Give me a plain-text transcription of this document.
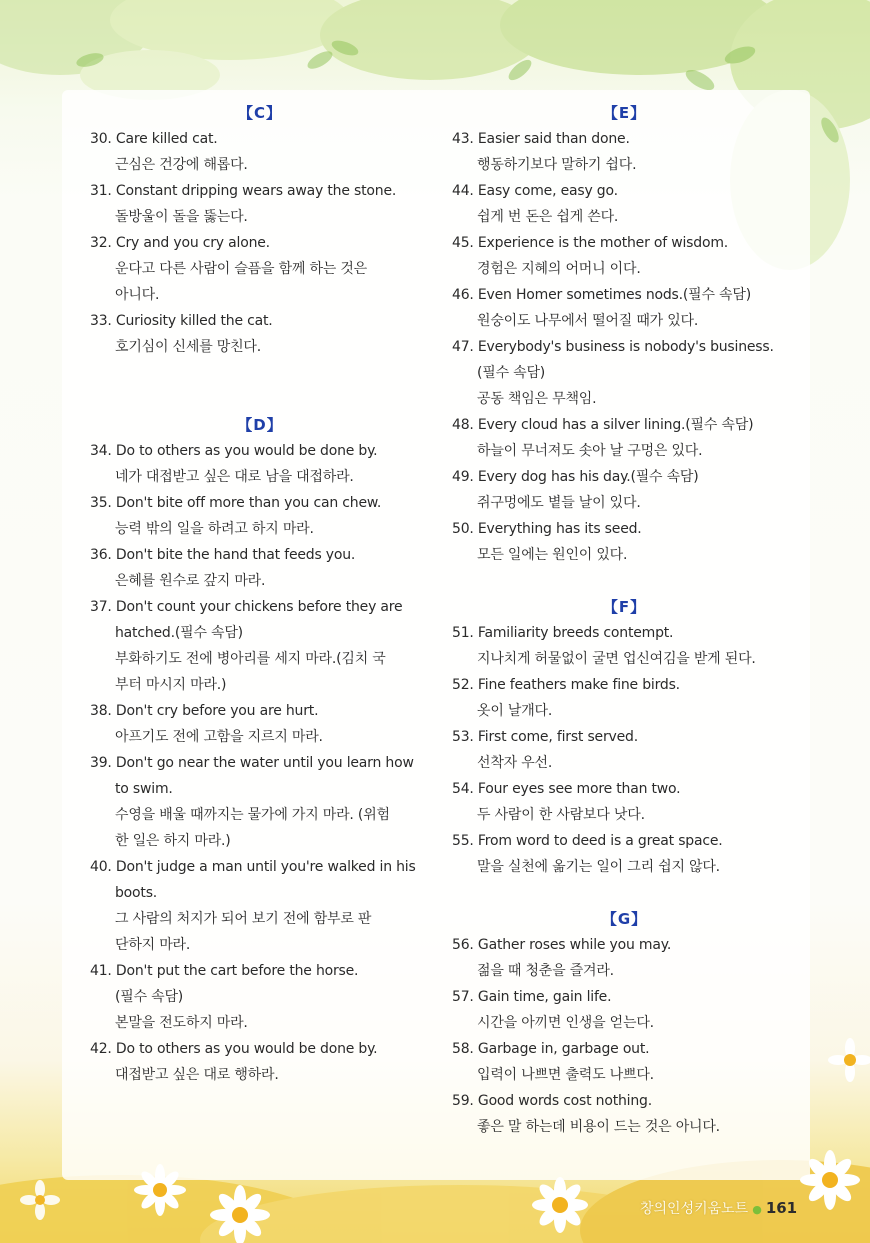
【C】
30. Care killed cat.
근심은 건강에 해롭다.
31. Constant dripping wears away the stone.
돌방울이 돌을 뚫는다.
32. Cry and you cry alone.
운다고 다른 사람이 슬픔을 함께 하는 것은
아니다.
33. Curiosity killed the cat.
호기심이 신세를 망친다.
【D】
34. Do to others as you would be done by.
네가 대접받고 싶은 대로 남을 대접하라.
35. Don't bite off more than you can chew.
능력 밖의 일을 하려고 하지 마라.
36. Don't bite the hand that feeds you.
은혜를 원수로 갚지 마라.
37. Don't count your chickens before they are
hatched.(필수 속담)
부화하기도 전에 병아리를 세지 마라.(김치 국
부터 마시지 마라.)
38. Don't cry before you are hurt.
아프기도 전에 고함을 지르지 마라.
39. Don't go near the water until you learn how
to swim.
수영을 배울 때까지는 물가에 가지 마라. (위험
한 일은 하지 마라.)
40. Don't judge a man until you're walked in his
boots.
그 사람의 처지가 되어 보기 전에 함부로 판
단하지 마라.
41. Don't put the cart before the horse.
(필수 속담)
본말을 전도하지 마라.
42. Do to others as you would be done by.
대접받고 싶은 대로 행하라.
【E】
43. Easier said than done.
행동하기보다 말하기 쉽다.
44. Easy come, easy go.
쉽게 번 돈은 쉽게 쓴다.
45. Experience is the mother of wisdom.
경험은 지혜의 어머니 이다.
46. Even Homer sometimes nods.(필수 속담)
원숭이도 나무에서 떨어질 때가 있다.
47. Everybody's business is nobody's business.
(필수 속담)
공동 책임은 무책임.
48. Every cloud has a silver lining.(필수 속담)
하늘이 무너져도 솟아 날 구멍은 있다.
49. Every dog has his day.(필수 속담)
쥐구멍에도 볕들 날이 있다.
50. Everything has its seed.
모든 일에는 원인이 있다.
【F】
51. Familiarity breeds contempt.
지나치게 허물없이 굴면 업신여김을 받게 된다.
52. Fine feathers make fine birds.
옷이 날개다.
53. First come, first served.
선착자 우선.
54. Four eyes see more than two.
두 사람이 한 사람보다 낫다.
55. From word to deed is a great space.
말을 실천에 옮기는 일이 그리 쉽지 않다.
【G】
56. Gather roses while you may.
젊을 때 청춘을 즐겨라.
57. Gain time, gain life.
시간을 아끼면 인생을 얻는다.
58. Garbage in, garbage out.
입력이 나쁘면 출력도 나쁘다.
59. Good words cost nothing.
좋은 말 하는데 비용이 드는 것은 아니다.
창의인성키움노트 ● 161
